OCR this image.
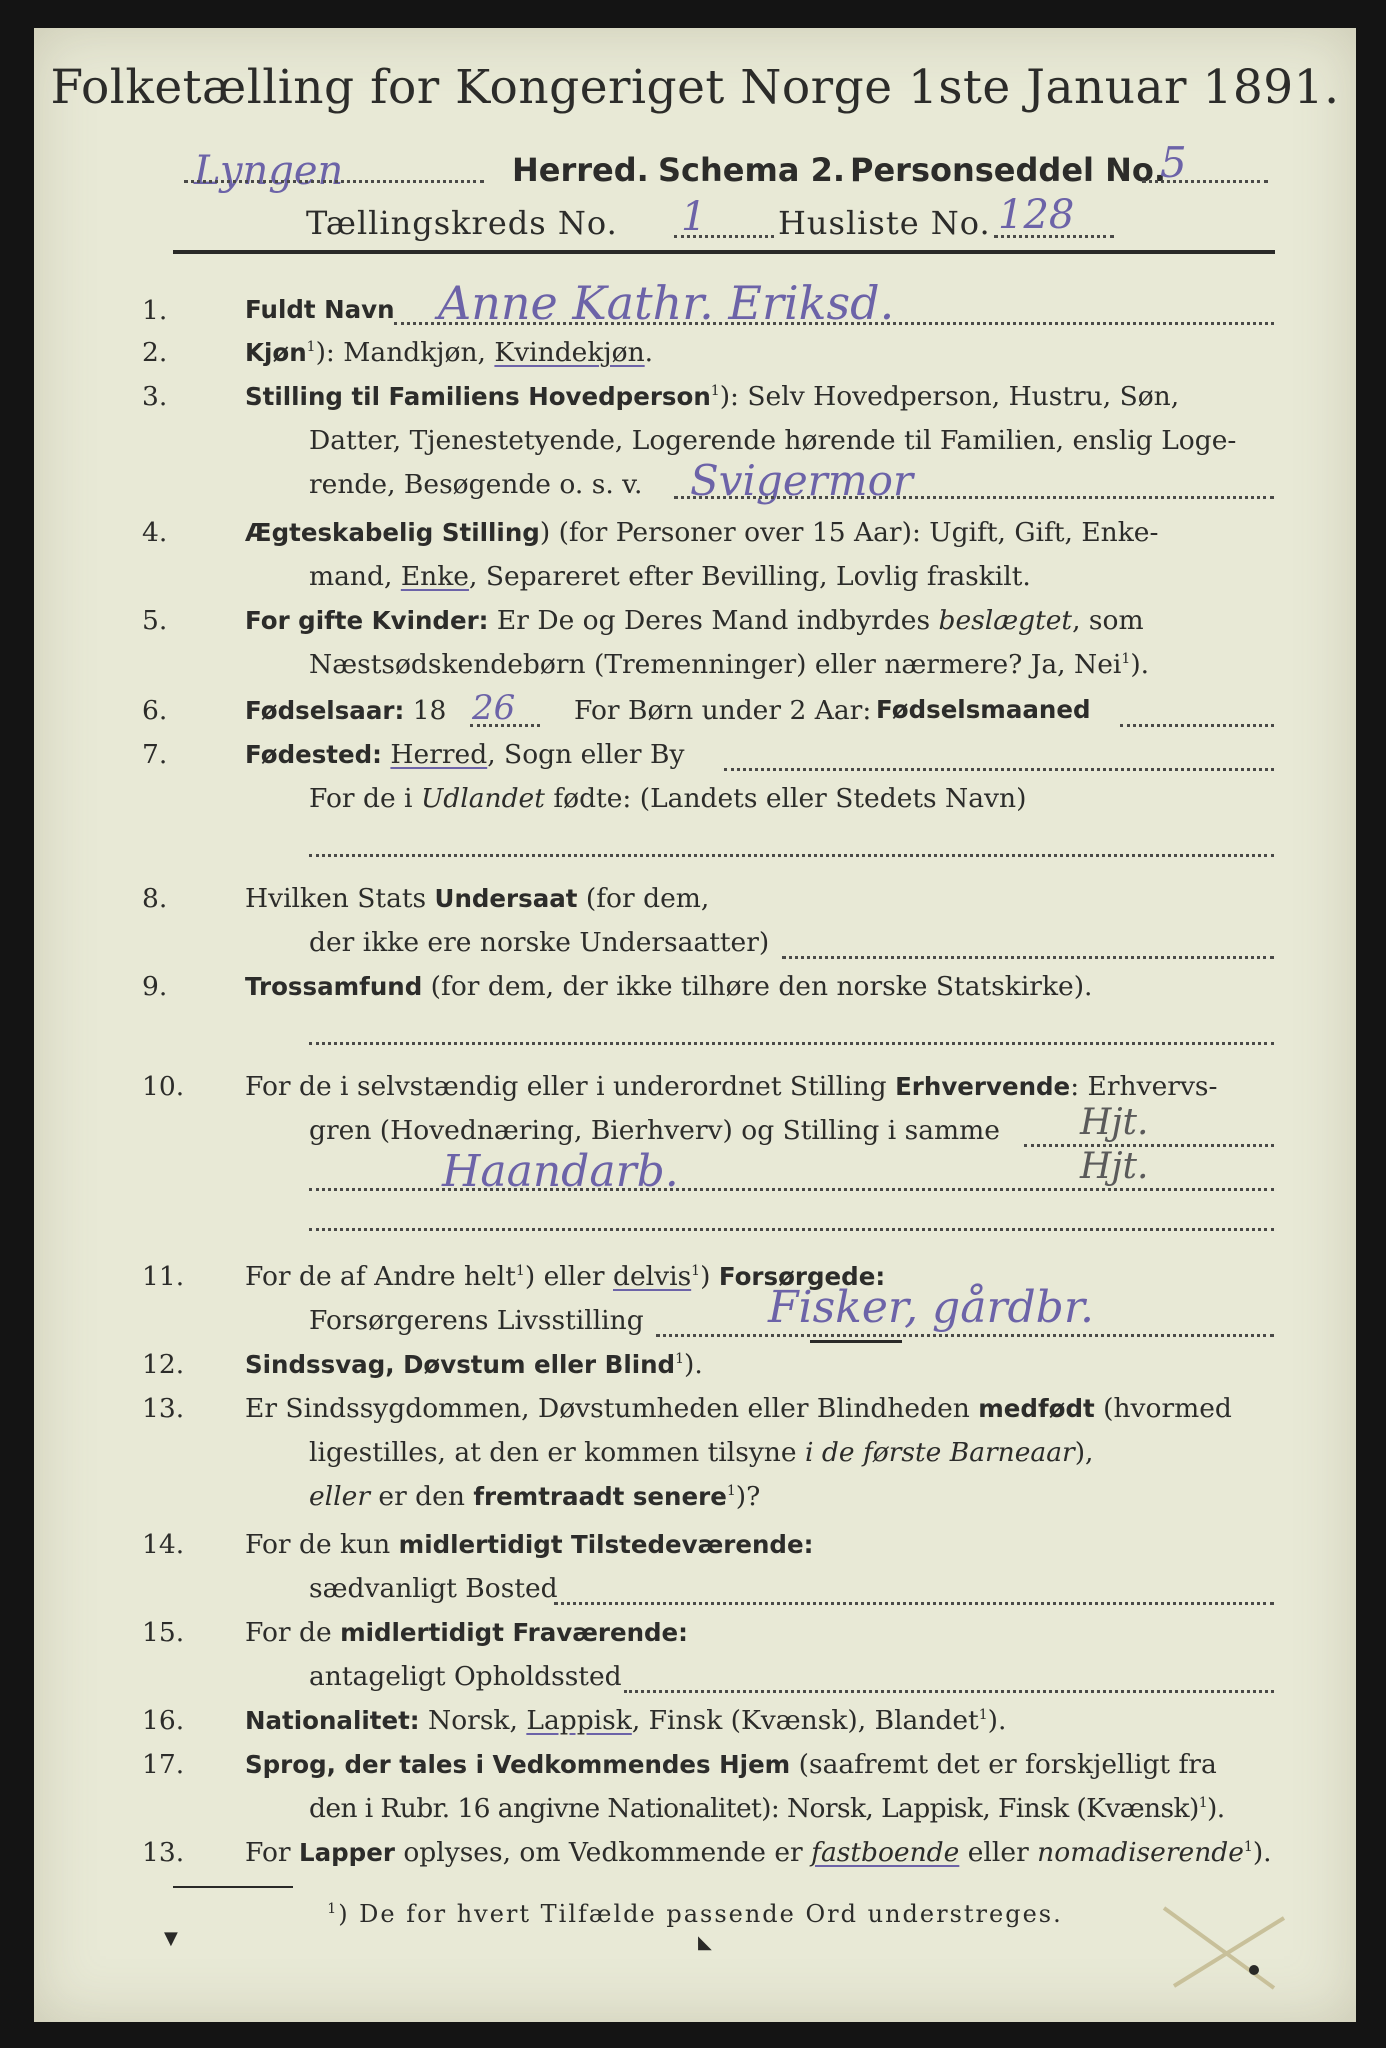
Folketælling for Kongeriget Norge 1ste Januar 1891.
Lyngen	Herred. Schema 2. Personseddel No.
5
Tællingskreds No. 1 Husliste No. 128
1.	Fuldt Navn Anne Kathr. Eriksd.
2.	Kjøn$^1$): Mandkjøn, Kvindekjøn.
3.	Stilling til Familiens Hovedperson$^1$): Selv Hovedperson, Hustru, Søn,
Datter, Tjenestetyende, Logerende hørende til Familien, enslig Loge-
rende, Besøgende o. s. v. Svigermor
4.	Ægteskabelig Stilling) (for Personer over 15 Aar): Ugift, Gift, Enke-
mand, Enke, Separeret efter Bevilling, Lovlig fraskilt.
5.	For gifte Kvinder: Er De og Deres Mand indbyrdes beslægtet, som
Næstsødskendebørn (Tremenninger) eller nærmere? Ja, Nei$^1$).
6.	Fødselsaar: 18	For Børn under 2 Aar: Fødselsmaaned
26
7.	Fødested: Herred, Sogn eller By
For de i Udlandet fødte: (Landets eller Stedets Navn)
8.	Hvilken Stats Undersaat (for dem,
der ikke ere norske Undersaatter)
9.	Trossamfund (for dem, der ikke tilhøre den norske Statskirke).
10.	For de i selvstændig eller i underordnet Stilling Erhvervende: Erhvervs-
gren (Hovednæring, Bierhverv) og Stilling i samme Hjt.
Haandarb.	Hjt.
11.	For de af Andre helt$^1$) eller delvis$^1$) Forsørgede:
Forsørgerens Livsstilling	Fisker, gårdbr.
12.	Sindssvag, Døvstum eller Blind$^1$).
13.	Er Sindssygdommen, Døvstumheden eller Blindheden medfødt (hvormed
ligestilles, at den er kommen tilsyne i de første Barneaar),
eller er den fremtraadt senere$^1$)?
14.	For de kun midlertidigt Tilstedeværende:
sædvanligt Bosted
15.	For de midlertidigt Fraværende:
antageligt Opholdssted
16.	Nationalitet: Norsk, Lappisk, Finsk (Kvænsk), Blandet$^1$).
17.	Sprog, der tales i Vedkommendes Hjem (saafremt det er forskjelligt fra
den i Rubr. 16 angivne Nationalitet): Norsk, Lappisk, Finsk (Kvænsk)$^1$).
13.	For Lapper oplyses, om Vedkommende er fastboende eller nomadiserende$^1$).
$^1$) De for hvert Tilfælde passende Ord understreges.
▼	◣
